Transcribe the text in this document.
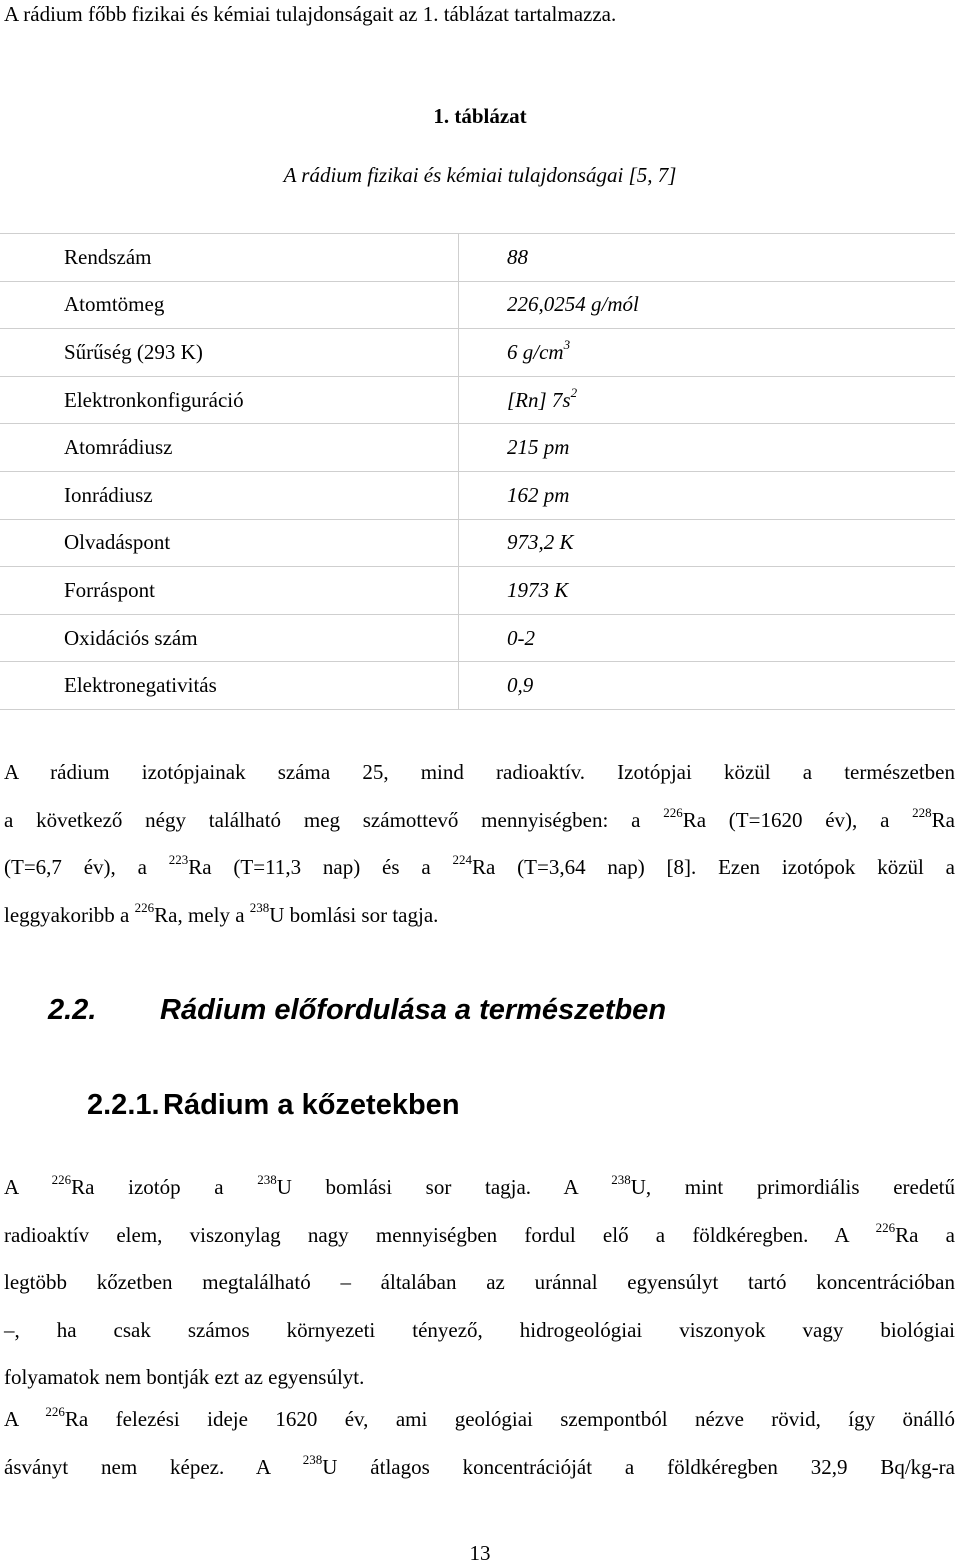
A rádium főbb fizikai és kémiai tulajdonságait az 1. táblázat tartalmazza.
1. táblázat
A rádium fizikai és kémiai tulajdonságai [5, 7]
Rendszám	88
Atomtömeg	226,0254 g/mól
Sűrűség (293 K)	6 $g/cm^3$
Elektronkonfiguráció	[Rn] $7s^2$
Atomrádiusz	215 pm
Ionrádiusz	162 pm
Olvadáspont	973,2 K
Forráspont	1973 K
Oxidációs szám	0-2
Elektronegativitás	0,9
A rádium izotópjainak száma 25, mind radioaktív. Izotópjai közül a természetben
a következő négy található meg számottevő mennyiségben: a $^{226}$Ra (T=1620 év), a $^{228}$Ra
(T=6,7 év), a $^{223}$Ra (T=11,3 nap) és a $^{224}$Ra (T=3,64 nap) [8]. Ezen izotópok közül a
leggyakoribb a $^{226}$Ra, mely a $^{238}$U bomlási sor tagja.
2.2. Rádium előfordulása a természetben
2.2.1. Rádium a kőzetekben
A $^{226}$Ra izotóp a $^{238}$U bomlási sor tagja. A $^{238}$U, mint primordiális eredetű
radioaktív elem, viszonylag nagy mennyiségben fordul elő a földkéregben. A $^{226}$Ra a
legtöbb kőzetben megtalálható – általában az uránnal egyensúlyt tartó koncentrációban
–, ha csak számos környezeti tényező, hidrogeológiai viszonyok vagy biológiai
folyamatok nem bontják ezt az egyensúlyt.
A $^{226}$Ra felezési ideje 1620 év, ami geológiai szempontból nézve rövid, így önálló
ásványt nem képez. A $^{238}$U átlagos koncentrációját a földkéregben 32,9 Bq/kg-ra
13
